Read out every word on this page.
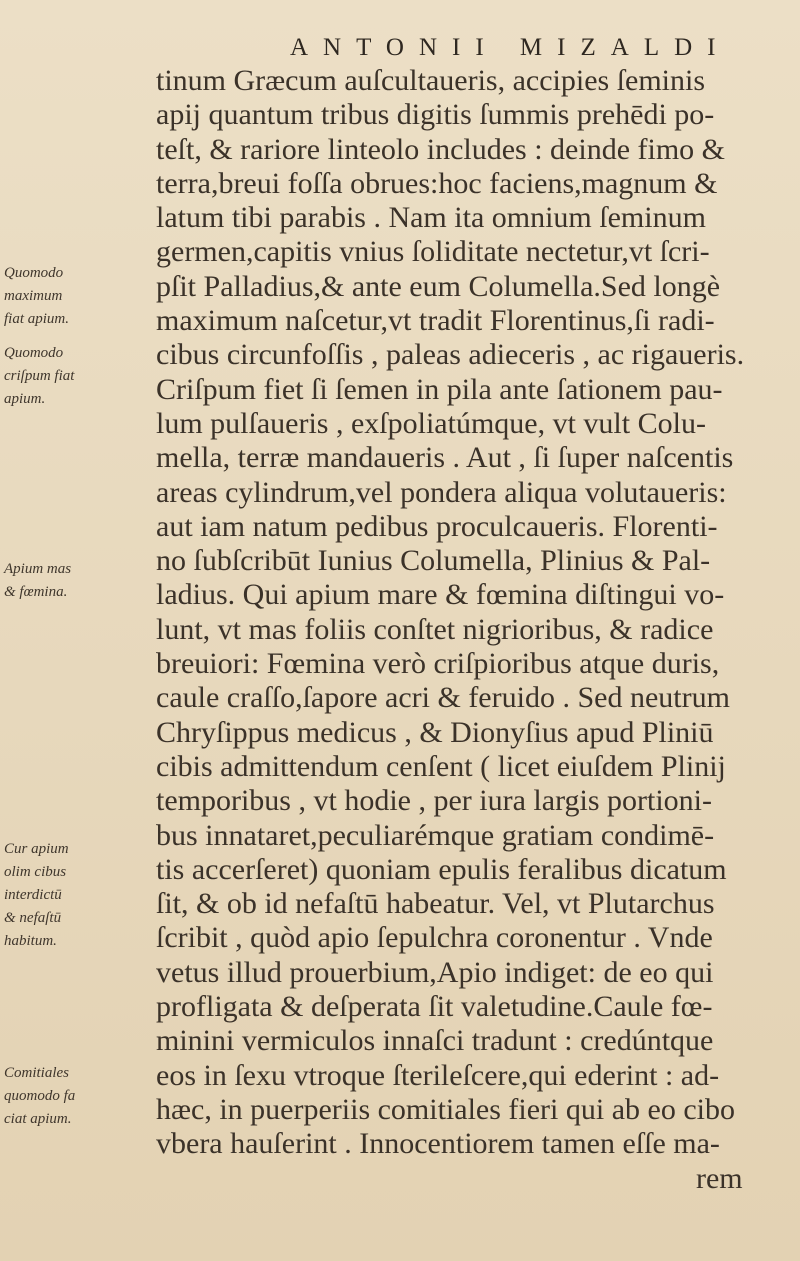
ANTONII MIZALDI
tinum Græcum auſcultaueris, accipies ſeminis
apij quantum tribus digitis ſummis prehēdi po-
teſt, & rariore linteolo includes : deinde fimo &
terra,breui foſſa obrues:hoc faciens,magnum &
latum tibi parabis . Nam ita omnium ſeminum
germen,capitis vnius ſoliditate nectetur,vt ſcri-
pſit Palladius,& ante eum Columella.Sed longè
maximum naſcetur,vt tradit Florentinus,ſi radi-
cibus circunfoſſis , paleas adieceris , ac rigaueris.
Criſpum fiet ſi ſemen in pila ante ſationem pau-
lum pulſaueris , exſpoliatúmque, vt vult Colu-
mella, terræ mandaueris . Aut , ſi ſuper naſcentis
areas cylindrum,vel pondera aliqua volutaueris:
aut iam natum pedibus proculcaueris. Florenti-
no ſubſcribūt Iunius Columella, Plinius & Pal-
ladius. Qui apium mare & fœmina diſtingui vo-
lunt, vt mas foliis conſtet nigrioribus, & radice
breuiori: Fœmina verò criſpioribus atque duris,
caule craſſo,ſapore acri & feruido . Sed neutrum
Chryſippus medicus , & Dionyſius apud Pliniū
cibis admittendum cenſent ( licet eiuſdem Plinij
temporibus , vt hodie , per iura largis portioni-
bus innataret,peculiarémque gratiam condimē-
tis accerſeret) quoniam epulis feralibus dicatum
ſit, & ob id nefaſtū habeatur. Vel, vt Plutarchus
ſcribit , quòd apio ſepulchra coronentur . Vnde
vetus illud prouerbium,Apio indiget: de eo qui
profligata & deſperata ſit valetudine.Caule fœ-
minini vermiculos innaſci tradunt : credúntque
eos in ſexu vtroque ſterileſcere,qui ederint : ad-
hæc, in puerperiis comitiales fieri qui ab eo cibo
vbera hauſerint . Innocentiorem tamen eſſe ma-
rem
Quomodo
maximum
fiat apium.
Quomodo
criſpum fiat
apium.
Apium mas
& fœmina.
Cur apium
olim cibus
interdictū
& nefaſtū
habitum.
Comitiales
quomodo fa
ciat apium.
